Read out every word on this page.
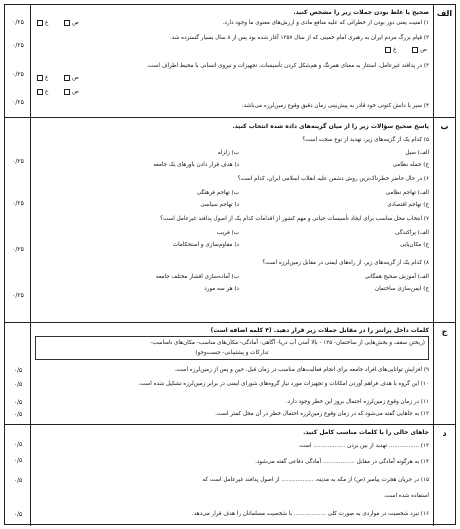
الف
۰/۲۵
۰/۲۵
۰/۲۵
۰/۲۵
صحیح یا غلط بودن جملات زیر را مشخص کنید.
۱) امنیت یعنی دور بودن از خطراتی که علیه منافع مادی و ارزش‌های معنوی ما وجود دارد.
ص غ
۲) قیام بزرگ مردم ایران به رهبری امام خمینی که از سال ۱۳۵۷ آغاز شده بود پس از ۸ سال بسیار گسترده شد.
ص غ
۳) در پدافند غیرعامل، استتار به معنای همرنگ و هم‌شکل کردن تأسیسات، تجهیزات و نیروی انسانی با محیط اطراف است.
ص غ
ص غ
۴) سیر یا دانش کنونی خود قادر به پیش‌بینی زمان دقیق وقوع زمین‌لرزه می‌باشد.
ب
۰/۲۵
۰/۲۵
۰/۲۵
۰/۲۵
پاسخ صحیح سؤالات زیر را از میان گزینه‌های داده شده انتخاب کنید.
۵) کدام یک از گزینه‌های زیر، تهدید از نوع سخت است؟
الف) سیل
ب) زلزله
ج) حمله نظامی
د) هدف قرار دادن باورهای یک جامعه
۶) در حال حاضر خطرناک‌ترین روش دشمن علیه انقلاب اسلامی ایران، کدام است؟
الف) تهاجم نظامی
ب) تهاجم فرهنگی
ج) تهاجم اقتصادی
د) تهاجم سیاسی
۷) انتخاب محل مناسب برای ایجاد تأسیسات حیاتی و مهم کشور از اقدامات کدام یک از اصول پدافند غیرعامل است؟
الف) پراکندگی
ب) فریب
ج) مکان‌یابی
د) مقاوم‌سازی و استحکامات
۸) کدام یک از گزینه‌های زیر، از راه‌های ایمنی در مقابل زمین‌لرزه است؟
الف) آموزش صحیح همگانی
ب) آماده‌سازی اقشار مختلف جامعه
ج) ایمن‌سازی ساختمان
د) هر سه مورد
ج
۰/۵
۰/۵
۰/۵
۰/۵
کلمات داخل پرانتز را در مقابل جملات زیر قرار دهید. (۴ کلمه اضافه است)
(ریختن سقف و بخش‌هایی از ساختمان- ۱۲۵ - بالا آمدن آب دریا- آگاهی- آمادگی- مکان‌های مناسب- مکان‌های نامناسب-
تدارکات و پشتیبانی- جست‌وجو)
۹) افزایش توانایی‌های افراد جامعه برای انجام فعالیت‌های مناسب در زمان قبل، حین و پس از زمین‌لرزه است.
۱۰) این گروه با هدف فراهم آوردن امکانات و تجهیزات مورد نیاز گروه‌های شورای ایمنی در برابر زمین‌لرزه تشکیل شده است.
۱۱) در زمان وقوع زمین‌لرزه احتمال بروز این خطر وجود دارد.
۱۲) به جاهایی گفته می‌شود که در زمان وقوع زمین‌لرزه احتمال خطر در آن محل کمتر است.
د
۰/۵
۰/۵
۰/۵
۰/۵
جاهای خالی را با کلمات مناسب کامل کنید.
۱۳) ................. تهدید از بین بردن .................. است.
۱۴) به هرگونه آمادگی در مقابل .................. آمادگی دفاعی گفته می‌شود.
۱۵) در جریان هجرت پیامبر (ص) از مکه به مدینه، .................. از اصول پدافند غیرعامل است که
استفاده شده است.
۱۶) نبرد شخصیت در مواردی به صورت کلی .................. با شخصیت مسلمانان را هدف قرار می‌دهد.
